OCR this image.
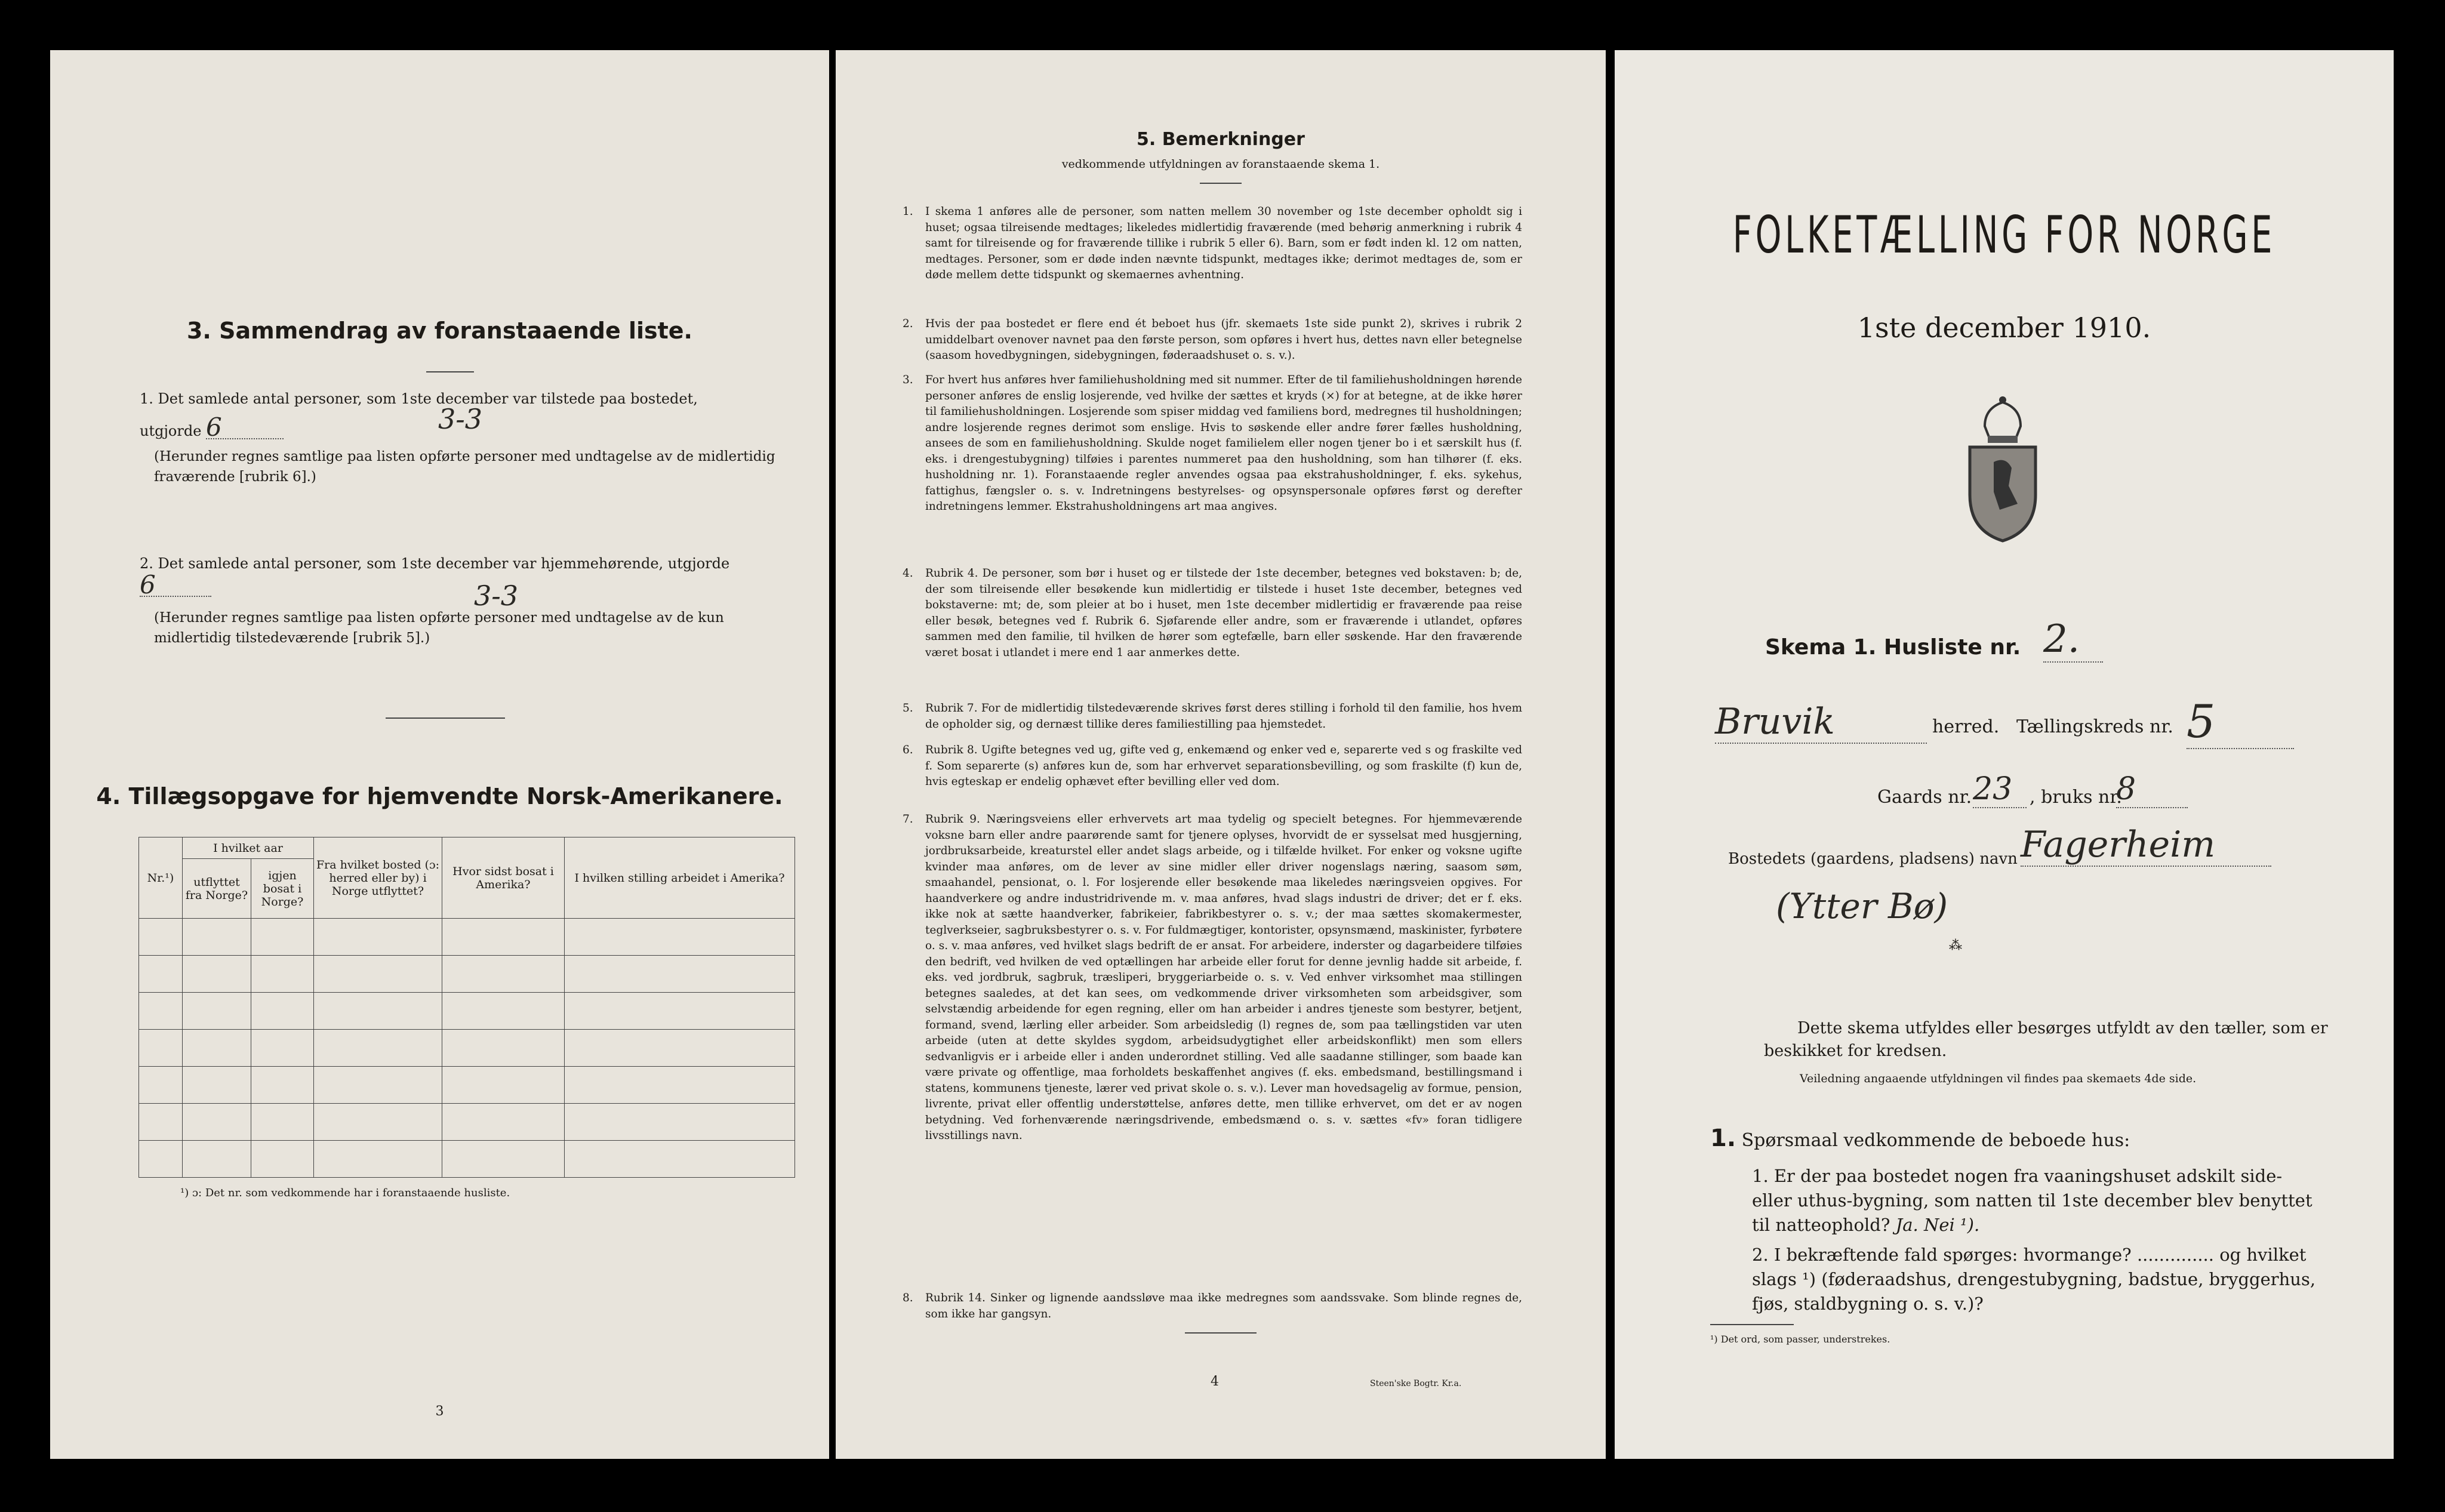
3. Sammendrag av foranstaaende liste.
1. Det samlede antal personer, som 1ste december var tilstede paa bostedet,
utgjorde 6	3-3
(Herunder regnes samtlige paa listen opførte personer med undtagelse av de midlertidig fraværende [rubrik 6].)
2. Det samlede antal personer, som 1ste december var hjemmehørende, utgjorde 6	3-3
(Herunder regnes samtlige paa listen opførte personer med undtagelse av de kun midlertidig tilstedeværende [rubrik 5].)
4. Tillægsopgave for hjemvendte Norsk-Amerikanere.
Nr.¹)	I hvilket aar		Fra hvilket bosted (ɔ: herred eller by) i Norge utflyttet?	Hvor sidst bosat i Amerika?	I hvilken stilling arbeidet i Amerika?
	utflyttet fra Norge?	igjen bosat i Norge?			

¹) ɔ: Det nr. som vedkommende har i foranstaaende husliste.
3
5. Bemerkninger
vedkommende utfyldningen av foranstaaende skema 1.
1. I skema 1 anføres alle de personer, som natten mellem 30 november og 1ste december opholdt sig i huset; ogsaa tilreisende medtages; likeledes midlertidig fraværende (med behørig anmerkning i rubrik 4 samt for tilreisende og for fraværende tillike i rubrik 5 eller 6). Barn, som er født inden kl. 12 om natten, medtages. Personer, som er døde inden nævnte tidspunkt, medtages ikke; derimot medtages de, som er døde mellem dette tidspunkt og skemaernes avhentning.
2. Hvis der paa bostedet er flere end ét beboet hus (jfr. skemaets 1ste side punkt 2), skrives i rubrik 2 umiddelbart ovenover navnet paa den første person, som opføres i hvert hus, dettes navn eller betegnelse (saasom hovedbygningen, sidebygningen, føderaadshuset o. s. v.).
3. For hvert hus anføres hver familiehusholdning med sit nummer. Efter de til familiehusholdningen hørende personer anføres de enslig losjerende, ved hvilke der sættes et kryds (×) for at betegne, at de ikke hører til familiehusholdningen. Losjerende som spiser middag ved familiens bord, medregnes til husholdningen; andre losjerende regnes derimot som enslige. Hvis to søskende eller andre fører fælles husholdning, ansees de som en familiehusholdning. Skulde noget familielem eller nogen tjener bo i et særskilt hus (f. eks. i drengestubygning) tilføies i parentes nummeret paa den husholdning, som han tilhører (f. eks. husholdning nr. 1). Foranstaaende regler anvendes ogsaa paa ekstrahusholdninger, f. eks. sykehus, fattighus, fængsler o. s. v. Indretningens bestyrelses- og opsynspersonale opføres først og derefter indretningens lemmer. Ekstrahusholdningens art maa angives.
4. Rubrik 4. De personer, som bør i huset og er tilstede der 1ste december, betegnes ved bokstaven: b; de, der som tilreisende eller besøkende kun midlertidig er tilstede i huset 1ste december, betegnes ved bokstaverne: mt; de, som pleier at bo i huset, men 1ste december midlertidig er fraværende paa reise eller besøk, betegnes ved f. Rubrik 6. Sjøfarende eller andre, som er fraværende i utlandet, opføres sammen med den familie, til hvilken de hører som egtefælle, barn eller søskende. Har den fraværende været bosat i utlandet i mere end 1 aar anmerkes dette.
5. Rubrik 7. For de midlertidig tilstedeværende skrives først deres stilling i forhold til den familie, hos hvem de opholder sig, og dernæst tillike deres familiestilling paa hjemstedet.
6. Rubrik 8. Ugifte betegnes ved ug, gifte ved g, enkemænd og enker ved e, separerte ved s og fraskilte ved f. Som separerte (s) anføres kun de, som har erhvervet separationsbevilling, og som fraskilte (f) kun de, hvis egteskap er endelig ophævet efter bevilling eller ved dom.
7. Rubrik 9. Næringsveiens eller erhvervets art maa tydelig og specielt betegnes. For hjemmeværende voksne barn eller andre paarørende samt for tjenere oplyses, hvorvidt de er sysselsat med husgjerning, jordbruksarbeide, kreaturstel eller andet slags arbeide, og i tilfælde hvilket. For enker og voksne ugifte kvinder maa anføres, om de lever av sine midler eller driver nogenslags næring, saasom søm, smaahandel, pensionat, o. l. For losjerende eller besøkende maa likeledes næringsveien opgives. For haandverkere og andre industridrivende m. v. maa anføres, hvad slags industri de driver; det er f. eks. ikke nok at sætte haandverker, fabrikeier, fabrikbestyrer o. s. v.; der maa sættes skomakermester, teglverkseier, sagbruksbestyrer o. s. v. For fuldmægtiger, kontorister, opsynsmænd, maskinister, fyrbøtere o. s. v. maa anføres, ved hvilket slags bedrift de er ansat. For arbeidere, inderster og dagarbeidere tilføies den bedrift, ved hvilken de ved optællingen har arbeide eller forut for denne jevnlig hadde sit arbeide, f. eks. ved jordbruk, sagbruk, træsliperi, bryggeriarbeide o. s. v. Ved enhver virksomhet maa stillingen betegnes saaledes, at det kan sees, om vedkommende driver virksomheten som arbeidsgiver, som selvstændig arbeidende for egen regning, eller om han arbeider i andres tjeneste som bestyrer, betjent, formand, svend, lærling eller arbeider. Som arbeidsledig (l) regnes de, som paa tællingstiden var uten arbeide (uten at dette skyldes sygdom, arbeidsudygtighet eller arbeidskonflikt) men som ellers sedvanligvis er i arbeide eller i anden underordnet stilling. Ved alle saadanne stillinger, som baade kan være private og offentlige, maa forholdets beskaffenhet angives (f. eks. embedsmand, bestillingsmand i statens, kommunens tjeneste, lærer ved privat skole o. s. v.). Lever man hovedsagelig av formue, pension, livrente, privat eller offentlig understøttelse, anføres dette, men tillike erhvervet, om det er av nogen betydning. Ved forhenværende næringsdrivende, embedsmænd o. s. v. sættes «fv» foran tidligere livsstillings navn.
8. Rubrik 14. Sinker og lignende aandssløve maa ikke medregnes som aandssvake. Som blinde regnes de, som ikke har gangsyn.
4	Steen'ske Bogtr. Kr.a.
FOLKETÆLLING FOR NORGE
1ste december 1910.
Skema 1. Husliste nr. 2.
Bruvik	herred. Tællingskreds nr. 5
Gaards nr. 23 , bruks nr.
8
Bostedets (gaardens, pladsens) navn Fagerheim
(Ytter Bø)
⁂
Dette skema utfyldes eller besørges utfyldt av den tæller, som er beskikket for kredsen.
Veiledning angaaende utfyldningen vil findes paa skemaets 4de side.
1. Spørsmaal vedkommende de beboede hus:
1. Er der paa bostedet nogen fra vaaningshuset adskilt side- eller uthus-bygning, som natten til 1ste december blev benyttet til natteophold? Ja. Nei ¹).
2. I bekræftende fald spørges: hvormange? .............. og hvilket slags ¹) (føderaadshus, drengestubygning, badstue, bryggerhus, fjøs, staldbygning o. s. v.)?
¹) Det ord, som passer, understrekes.
